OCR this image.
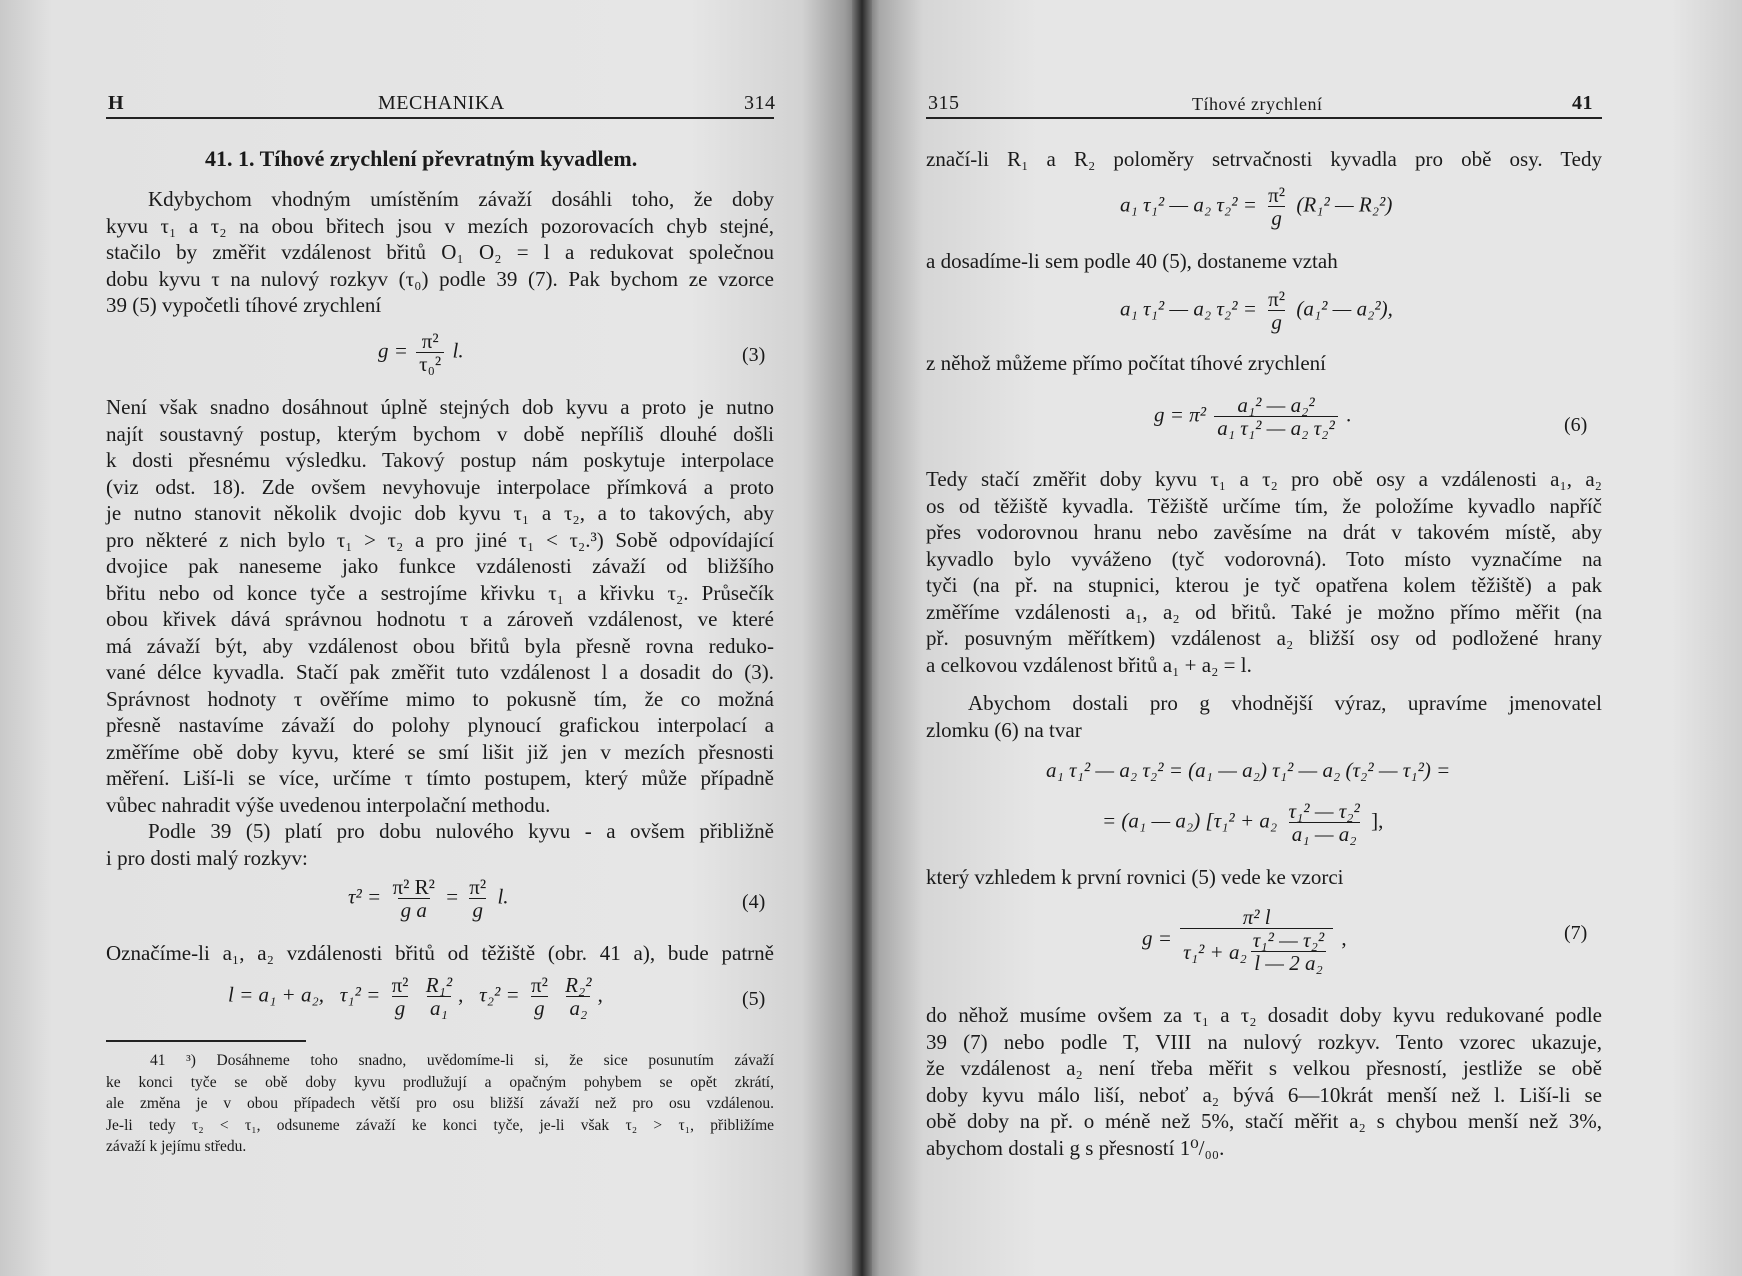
H	MECHANIKA	314
41. 1. Tíhové zrychlení převratným kyvadlem.
Kdybychom vhodným umístěním závaží dosáhli toho, že doby
kyvu τ₁ a τ₂ na obou břitech jsou v mezích pozorovacích chyb stejné,
stačilo by změřit vzdálenost břitů O₁ O₂ = l a redukovat společnou
dobu kyvu τ na nulový rozkyv (τ₀) podle 39 (7). Pak bychom ze vzorce
39 (5) vypočetli tíhové zrychlení
$g = \frac{\text{π²}}{\text{τ₀²}} l$.	(3)
Není však snadno dosáhnout úplně stejných dob kyvu a proto je nutno
najít soustavný postup, kterým bychom v době nepříliš dlouhé došli
k dosti přesnému výsledku. Takový postup nám poskytuje interpolace
(viz odst. 18). Zde ovšem nevyhovuje interpolace přímková a proto
je nutno stanovit několik dvojic dob kyvu τ₁ a τ₂, a to takových, aby
pro některé z nich bylo τ₁ > τ₂ a pro jiné τ₁ < τ₂.³) Sobě odpovídající
dvojice pak naneseme jako funkce vzdálenosti závaží od bližšího
břitu nebo od konce tyče a sestrojíme křivku τ₁ a křivku τ₂. Průsečík
obou křivek dává správnou hodnotu τ a zároveň vzdálenost, ve které
má závaží být, aby vzdálenost obou břitů byla přesně rovna reduko-
vané délce kyvadla. Stačí pak změřit tuto vzdálenost l a dosadit do (3).
Správnost hodnoty τ ověříme mimo to pokusně tím, že co možná
přesně nastavíme závaží do polohy plynoucí grafickou interpolací a
změříme obě doby kyvu, které se smí lišit již jen v mezích přesnosti
měření. Liší-li se více, určíme τ tímto postupem, který může případně
vůbec nahradit výše uvedenou interpolační methodu.
Podle 39 (5) platí pro dobu nulového kyvu - a ovšem přibližně
i pro dosti malý rozkyv:
$\tau^2 = \frac{\text{π² R²}}{\text{g a}} = \frac{\text{π²}}{g} l$.	(4)
Označíme-li a₁, a₂ vzdálenosti břitů od těžiště (obr. 41 a), bude patrně
l = a₁ + a₂, $\tau_1^2 = \frac{\text{π²}}{g}$
$\frac{\text{R₁²}}{\text{a₁}}$ ,   $\tau_2^2 = \frac{\text{π²}}{g}$
$\frac{\text{R₂²}}{\text{a₂}}$ ,	(5)
41 ³) Dosáhneme toho snadno, uvědomíme-li si, že sice posunutím závaží
ke konci tyče se obě doby kyvu prodlužují a opačným pohybem se opět zkrátí,
ale změna je v obou případech větší pro osu bližší závaží než pro osu vzdálenou.
Je-li tedy τ₂ < τ₁, odsuneme závaží ke konci tyče, je-li však τ₂ > τ₁, přibližíme
závaží k jejímu středu.
315	Tíhové zrychlení	41
značí-li R₁ a R₂ poloměry setrvačnosti kyvadla pro obě osy. Tedy
a₁ τ₁² — a₂ $\tau_2^2 = \frac{\text{π²}}{g} (R_1^2$ — R₂²)
a dosadíme-li sem podle 40 (5), dostaneme vztah
a₁ τ₁² — a₂ $\tau_2^2 = \frac{\text{π²}}{g} (a_1^2$ — a₂²),
z něhož můžeme přímo počítat tíhové zrychlení
$g = \pi^2 \frac{\text{a₁² — a₂²}}{\text{a₁ τ₁² — a₂ τ₂²}}$ .	(6)
Tedy stačí změřit doby kyvu τ₁ a τ₂ pro obě osy a vzdálenosti a₁, a₂
os od těžiště kyvadla. Těžiště určíme tím, že položíme kyvadlo napříč
přes vodorovnou hranu nebo zavěsíme na drát v takovém místě, aby
kyvadlo bylo vyváženo (tyč vodorovná). Toto místo vyznačíme na
tyči (na př. na stupnici, kterou je tyč opatřena kolem těžiště) a pak
změříme vzdálenosti a₁, a₂ od břitů. Také je možno přímo měřit (na
př. posuvným měřítkem) vzdálenost a₂ bližší osy od podložené hrany
a celkovou vzdálenost břitů a₁ + a₂ = l.
Abychom dostali pro g vhodnější výraz, upravíme jmenovatel
zlomku (6) na tvar
a₁ τ₁² — a₂ τ₂² = (a₁ — a₂) τ₁² — a₂ (τ₂² — τ₁²) =
= (a₁ — a₂) [$\tau_1^2 + a_2 \frac{\text{τ₁² — τ₂²}}{\text{a₁ — a₂}}$ ],
který vzhledem k první rovnici (5) vede ke vzorci
$g = \frac{\text{π² l}}{\tau_1^2 + a_2 \frac{\text{τ₁² — τ₂²}}{\text{l — 2 a₂}}}$ ,	(7)
do něhož musíme ovšem za τ₁ a τ₂ dosadit doby kyvu redukované podle
39 (7) nebo podle T, VIII na nulový rozkyv. Tento vzorec ukazuje,
že vzdálenost a₂ není třeba měřit s velkou přesností, jestliže se obě
doby kyvu málo liší, neboť a₂ bývá 6—10krát menší než l. Liší-li se
obě doby na př. o méně než 5%, stačí měřit a₂ s chybou menší než 3%,
abychom dostali g s přesností 1⁰/₀₀.
